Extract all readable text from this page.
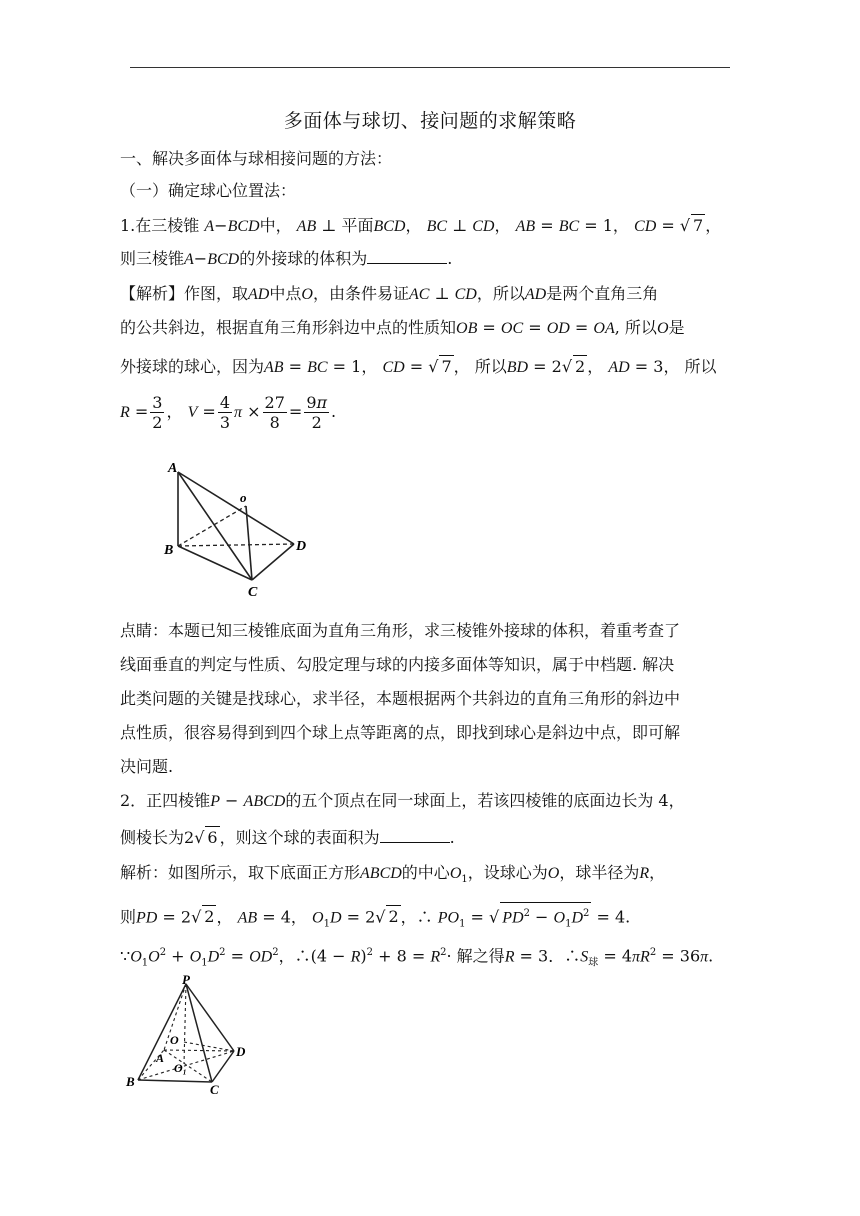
多面体与球切、接问题的求解策略
一、解决多面体与球相接问题的方法：
（一）确定球心位置法：
1.在三棱锥 A−BCD中， AB ⊥ 平面BCD， BC ⊥ CD， AB = BC = 1， CD = √ 7 ，
则三棱锥A−BCD的外接球的体积为	.
【解析】作图，取AD中点O，由条件易证AC ⊥ CD，所以AD是两个直角三角
的公共斜边，根据直角三角形斜边中点的性质知OB = OC = OD = OA, 所以O是
外接球的球心，因为AB = BC = 1， CD = √ 7 ， 所以BD = 2√ 2 ， AD = 3， 所以
$R = \frac{3}{2}$ ， $V = \frac{4}{3}$ $\pi \times \frac{27}{8} = \frac{9\pi}{2}$ .
A
B
C
D
o
点睛：本题已知三棱锥底面为直角三角形，求三棱锥外接球的体积，着重考查了
线面垂直的判定与性质、勾股定理与球的内接多面体等知识，属于中档题. 解决
此类问题的关键是找球心，求半径，本题根据两个共斜边的直角三角形的斜边中
点性质，很容易得到到四个球上点等距离的点，即找到球心是斜边中点，即可解
决问题.
2．正四棱锥P − ABCD的五个顶点在同一球面上，若该四棱锥的底面边长为 4，
侧棱长为2√ 6 ，则这个球的表面积为	.
解析：如图所示，取下底面正方形ABCD的中心$O_1$，设球心为O，球半径为R，
则PD = 2√ 2 ， AB = 4， $O_1D = 2√$ 2 ，∴ $PO_1$ = √ $PD^2 - O_1D^2 = 4$.
$\because O_1O^2 + O_1D^2 = OD^2$，∴(4 − $R)^2 + 8 = R^2\cdot$ 解之得R = 3．$\therefore S_球 = 4\pi R^2 = 36\pi$.
P
O
A
O₁
B
C
D
